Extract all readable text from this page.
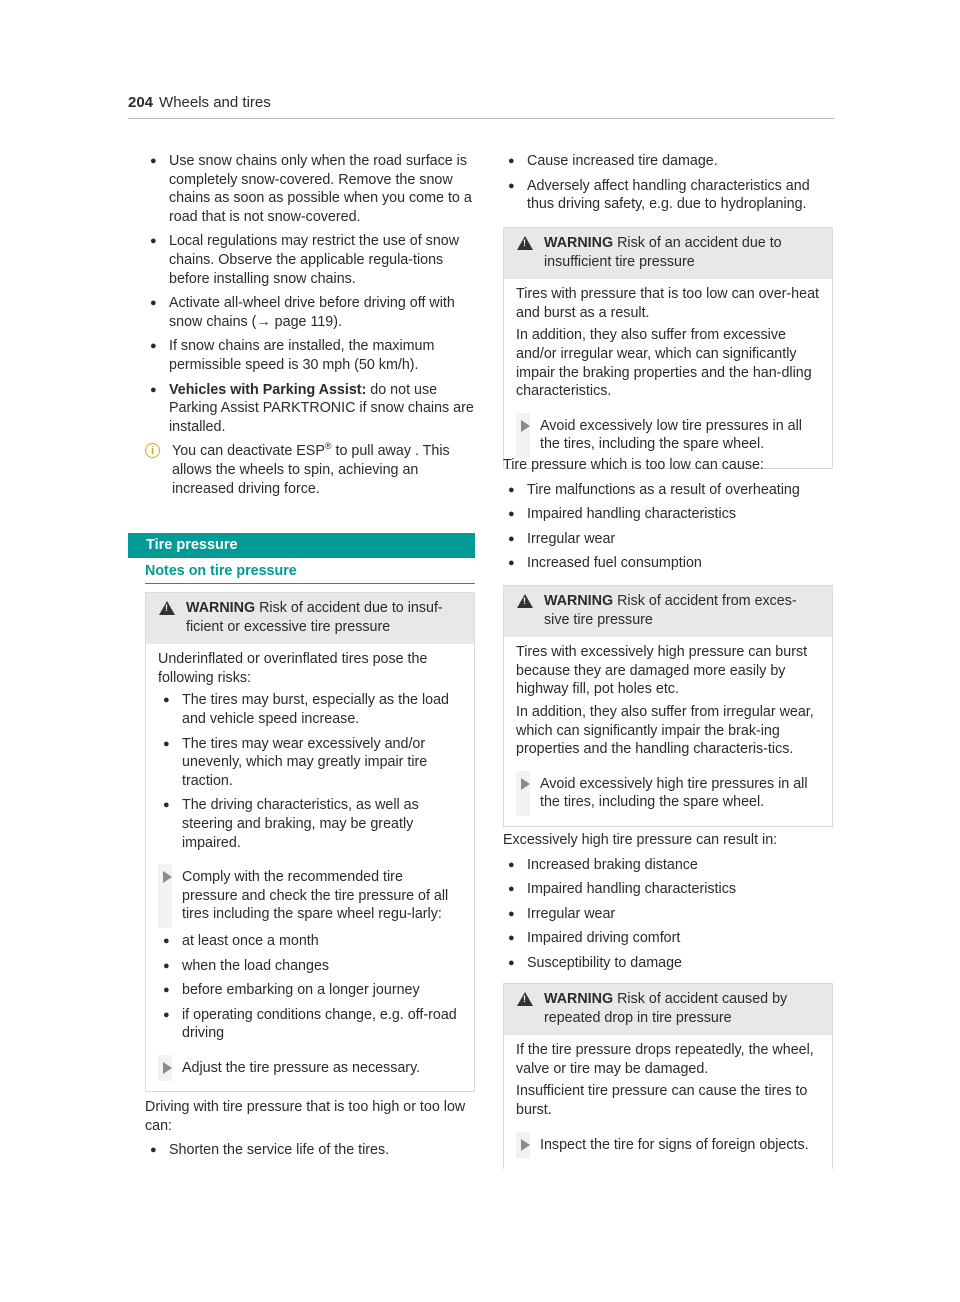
204 Wheels and tires
● Use snow chains only when the road surface is completely snow-covered. Remove the snow chains as soon as possible when you come to a road that is not snow-covered.
● Local regulations may restrict the use of snow chains. Observe the applicable regula-tions before installing snow chains.
● Activate all-wheel drive before driving off with snow chains (→ page 119).
● If snow chains are installed, the maximum permissible speed is 30 mph (50 km/h).
● Vehicles with Parking Assist: do not use Parking Assist PARKTRONIC if snow chains are installed.
i	You can deactivate ESP® to pull away . This allows the wheels to spin, achieving an increased driving force.
Tire pressure
Notes on tire pressure
!
WARNING Risk of accident due to insuf-ficient or excessive tire pressure

Underinflated or overinflated tires pose the following risks:

● The tires may burst, especially as the load and vehicle speed increase.
● The tires may wear excessively and/or unevenly, which may greatly impair tire traction.
● The driving characteristics, as well as steering and braking, may be greatly impaired.
Comply with the recommended tire pressure and check the tire pressure of all tires including the spare wheel regu-larly:
● at least once a month
● when the load changes
● before embarking on a longer journey
● if operating conditions change, e.g. off-road driving
Adjust the tire pressure as necessary.

Driving with tire pressure that is too high or too low can:

● Shorten the service life of the tires.
● Cause increased tire damage.
● Adversely affect handling characteristics and thus driving safety, e.g. due to hydroplaning.
!
WARNING Risk of an accident due to insufficient tire pressure

Tires with pressure that is too low can over-heat and burst as a result.

In addition, they also suffer from excessive and/or irregular wear, which can significantly impair the braking properties and the han-dling characteristics.

Avoid excessively low tire pressures in all the tires, including the spare wheel.

Tire pressure which is too low can cause:

● Tire malfunctions as a result of overheating
● Impaired handling characteristics
● Irregular wear
● Increased fuel consumption
!
WARNING Risk of accident from exces-sive tire pressure

Tires with excessively high pressure can burst because they are damaged more easily by highway fill, pot holes etc.

In addition, they also suffer from irregular wear, which can significantly impair the brak-ing properties and the handling characteris-tics.

Avoid excessively high tire pressures in all the tires, including the spare wheel.

Excessively high tire pressure can result in:

● Increased braking distance
● Impaired handling characteristics
● Irregular wear
● Impaired driving comfort
● Susceptibility to damage
!
WARNING Risk of accident caused by repeated drop in tire pressure

If the tire pressure drops repeatedly, the wheel, valve or tire may be damaged.

Insufficient tire pressure can cause the tires to burst.

Inspect the tire for signs of foreign objects.
